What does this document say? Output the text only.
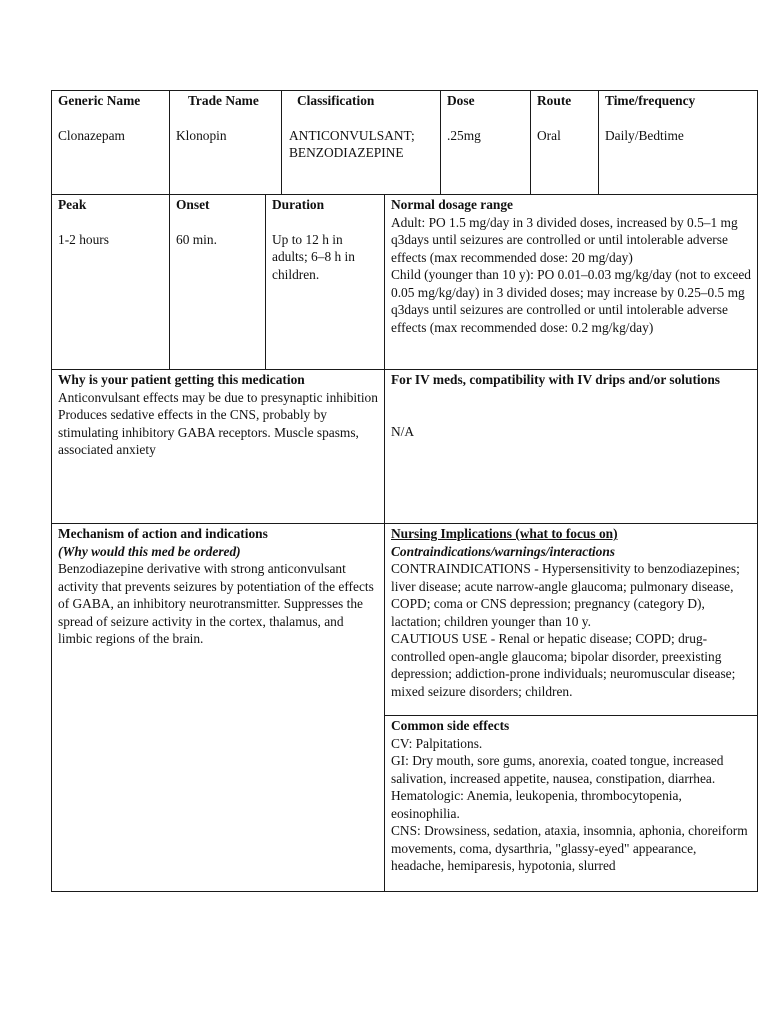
Generic Name

Clonazepam

Trade Name

Klonopin

Classification

ANTICONVULSANT;

BENZODIAZEPINE

Dose

.25mg

Route

Oral

Time/frequency

Daily/Bedtime

Peak

1-2 hours

Onset

60 min.

Duration

Up to 12 h in adults; 6–8 h in children.

Normal dosage range

Adult: PO 1.5 mg/day in 3 divided doses, increased by 0.5–1 mg q3days until seizures are controlled or until intolerable adverse effects (max recommended dose: 20 mg/day)

Child (younger than 10 y): PO 0.01–0.03 mg/kg/day (not to exceed 0.05 mg/kg/day) in 3 divided doses; may increase by 0.25–0.5 mg q3days until seizures are controlled or until intolerable adverse effects (max recommended dose: 0.2 mg/kg/day)

Why is your patient getting this medication

Anticonvulsant effects may be due to presynaptic inhibition Produces sedative effects in the CNS, probably by stimulating inhibitory GABA receptors. Muscle spasms, associated anxiety

For IV meds, compatibility with IV drips and/or solutions

N/A

Mechanism of action and indications

(Why would this med be ordered)

Benzodiazepine derivative with strong anticonvulsant activity that prevents seizures by potentiation of the effects of GABA, an inhibitory neurotransmitter. Suppresses the spread of seizure activity in the cortex, thalamus, and limbic regions of the brain.

Nursing Implications (what to focus on)

Contraindications/warnings/interactions

CONTRAINDICATIONS - Hypersensitivity to benzodiazepines; liver disease; acute narrow-angle glaucoma; pulmonary disease, COPD; coma or CNS depression; pregnancy (category D), lactation; children younger than 10 y.

CAUTIOUS USE - Renal or hepatic disease; COPD; drug-controlled open-angle glaucoma; bipolar disorder, preexisting depression; addiction-prone individuals; neuromuscular disease; mixed seizure disorders; children.

Common side effects

CV: Palpitations.

GI: Dry mouth, sore gums, anorexia, coated tongue, increased salivation, increased appetite, nausea, constipation, diarrhea.

Hematologic: Anemia, leukopenia, thrombocytopenia, eosinophilia.

CNS: Drowsiness, sedation, ataxia, insomnia, aphonia, choreiform movements, coma, dysarthria, "glassy-eyed" appearance, headache, hemiparesis, hypotonia, slurred
